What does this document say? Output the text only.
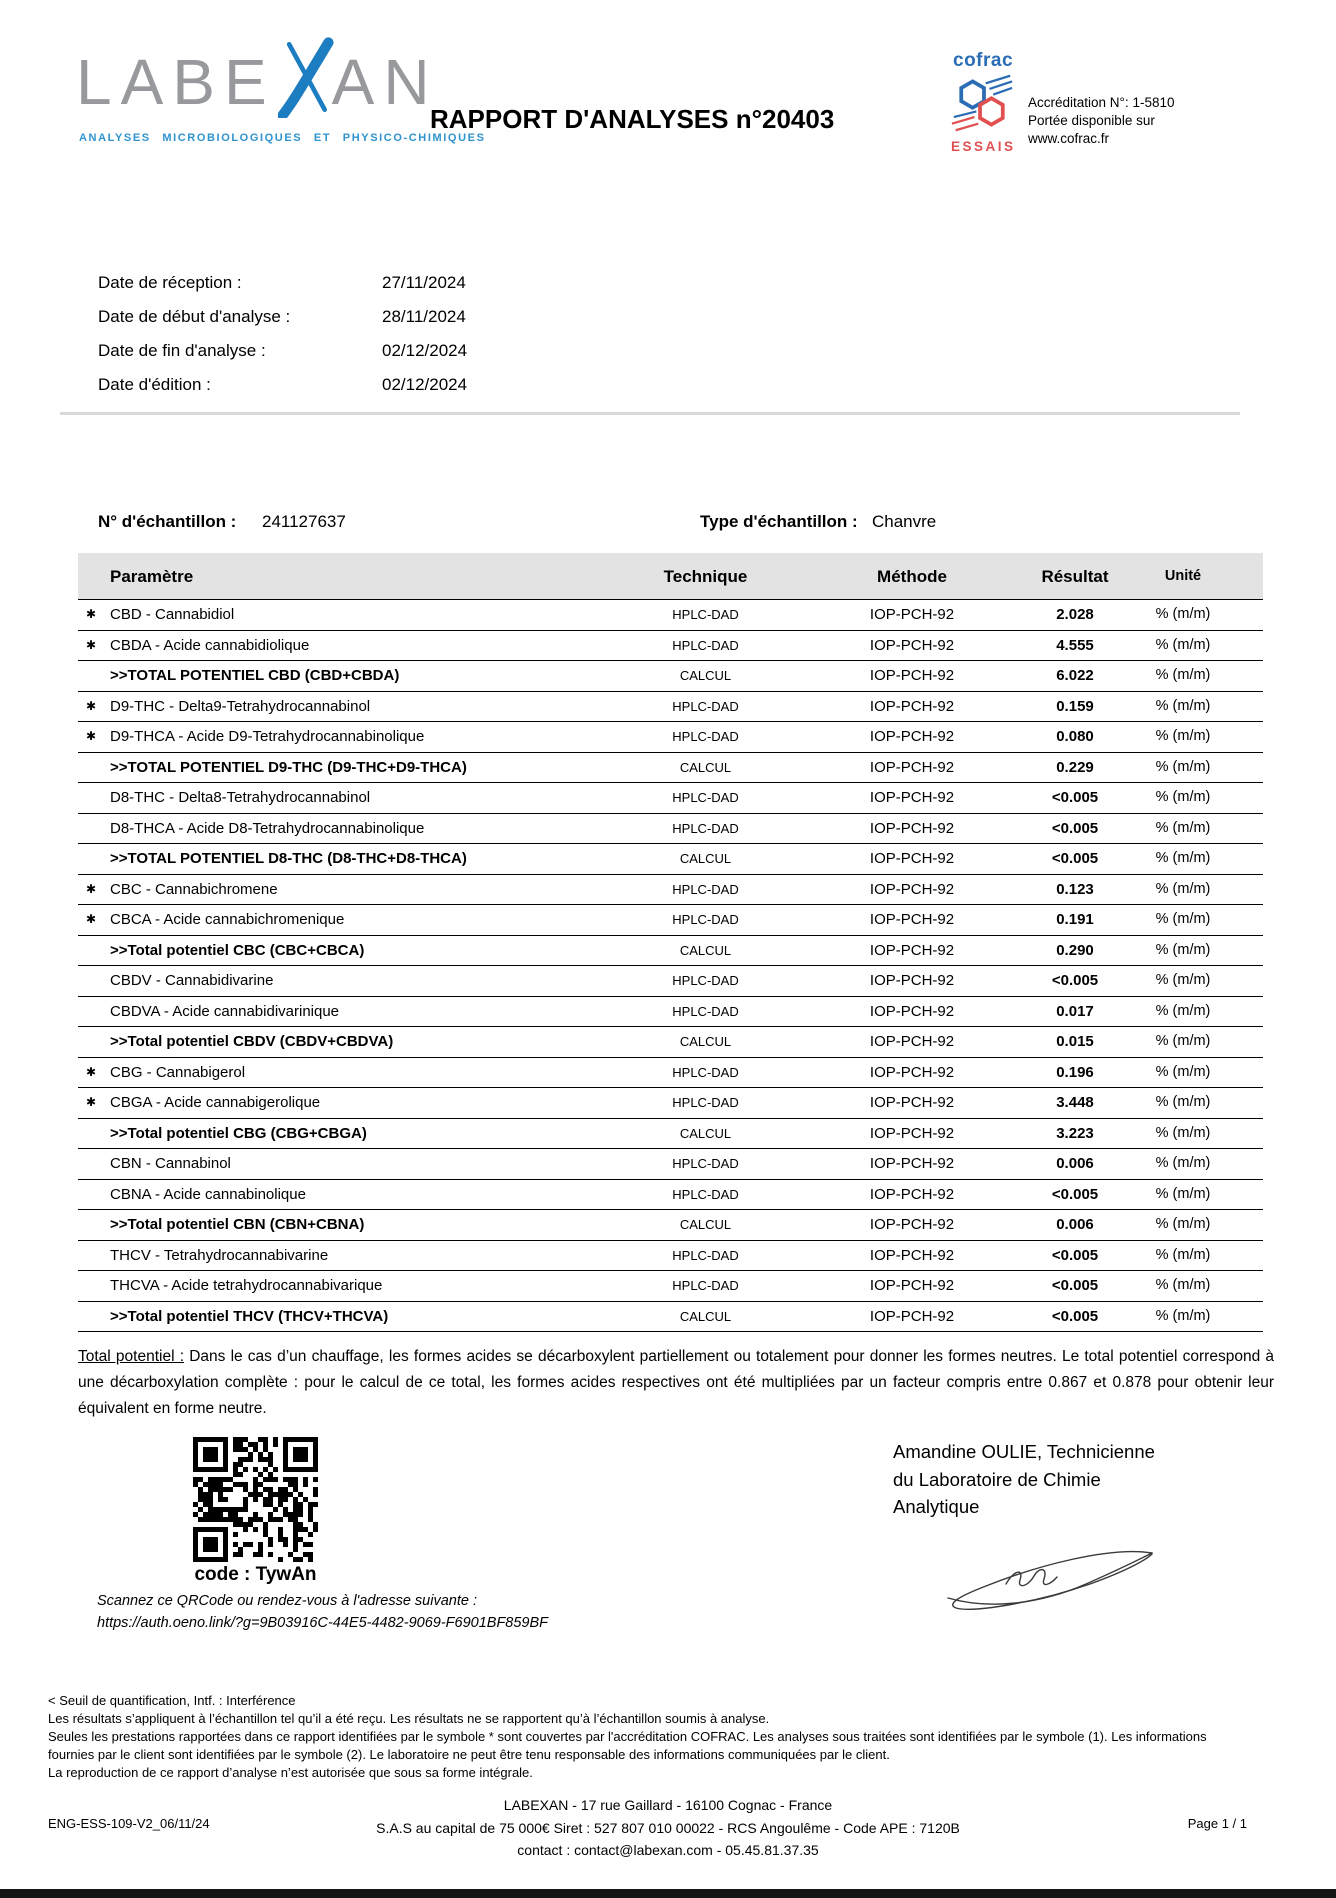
LABE AN
ANALYSES MICROBIOLOGIQUES ET PHYSICO-CHIMIQUES
RAPPORT D'ANALYSES n°20403
cofrac
ESSAIS
Accréditation N°: 1-5810
Portée disponible sur
www.cofrac.fr
Date de réception :	27/11/2024
Date de début d'analyse :	28/11/2024
Date de fin d'analyse :	02/12/2024
Date d'édition :	02/12/2024
N° d'échantillon : 241127637	Type d'échantillon : Chanvre
Paramètre	Technique	Méthode	Résultat	Unité
✱ CBD - Cannabidiol	HPLC-DAD	IOP-PCH-92	2.028	% (m/m)
✱ CBDA - Acide cannabidiolique	HPLC-DAD	IOP-PCH-92	4.555	% (m/m)
>>TOTAL POTENTIEL CBD (CBD+CBDA)	CALCUL	IOP-PCH-92	6.022	% (m/m)
✱ D9-THC - Delta9-Tetrahydrocannabinol	HPLC-DAD	IOP-PCH-92	0.159	% (m/m)
✱ D9-THCA - Acide D9-Tetrahydrocannabinolique	HPLC-DAD	IOP-PCH-92	0.080	% (m/m)
>>TOTAL POTENTIEL D9-THC (D9-THC+D9-THCA)	CALCUL	IOP-PCH-92	0.229	% (m/m)
D8-THC - Delta8-Tetrahydrocannabinol	HPLC-DAD	IOP-PCH-92	<0.005	% (m/m)
D8-THCA - Acide D8-Tetrahydrocannabinolique	HPLC-DAD	IOP-PCH-92	<0.005	% (m/m)
>>TOTAL POTENTIEL D8-THC (D8-THC+D8-THCA)	CALCUL	IOP-PCH-92	<0.005	% (m/m)
✱ CBC - Cannabichromene	HPLC-DAD	IOP-PCH-92	0.123	% (m/m)
✱ CBCA - Acide cannabichromenique	HPLC-DAD	IOP-PCH-92	0.191	% (m/m)
>>Total potentiel CBC (CBC+CBCA)	CALCUL	IOP-PCH-92	0.290	% (m/m)
CBDV - Cannabidivarine	HPLC-DAD	IOP-PCH-92	<0.005	% (m/m)
CBDVA - Acide cannabidivarinique	HPLC-DAD	IOP-PCH-92	0.017	% (m/m)
>>Total potentiel CBDV (CBDV+CBDVA)	CALCUL	IOP-PCH-92	0.015	% (m/m)
✱ CBG - Cannabigerol	HPLC-DAD	IOP-PCH-92	0.196	% (m/m)
✱ CBGA - Acide cannabigerolique	HPLC-DAD	IOP-PCH-92	3.448	% (m/m)
>>Total potentiel CBG (CBG+CBGA)	CALCUL	IOP-PCH-92	3.223	% (m/m)
CBN - Cannabinol	HPLC-DAD	IOP-PCH-92	0.006	% (m/m)
CBNA - Acide cannabinolique	HPLC-DAD	IOP-PCH-92	<0.005	% (m/m)
>>Total potentiel CBN (CBN+CBNA)	CALCUL	IOP-PCH-92	0.006	% (m/m)
THCV - Tetrahydrocannabivarine	HPLC-DAD	IOP-PCH-92	<0.005	% (m/m)
THCVA - Acide tetrahydrocannabivarique	HPLC-DAD	IOP-PCH-92	<0.005	% (m/m)
>>Total potentiel THCV (THCV+THCVA)	CALCUL	IOP-PCH-92	<0.005	% (m/m)
Total potentiel : Dans le cas d’un chauffage, les formes acides se décarboxylent partiellement ou totalement pour donner les formes neutres. Le total potentiel correspond à une décarboxylation complète : pour le calcul de ce total, les formes acides respectives ont été multipliées par un facteur compris entre 0.867 et 0.878 pour obtenir leur équivalent en forme neutre.
code : TywAn
Scannez ce QRCode ou rendez-vous à l'adresse suivante :
https://auth.oeno.link/?g=9B03916C-44E5-4482-9069-F6901BF859BF
Amandine OULIE, Technicienne
du Laboratoire de Chimie
Analytique
< Seuil de quantification, Intf. : Interférence
Les résultats s’appliquent à l’échantillon tel qu’il a été reçu. Les résultats ne se rapportent qu’à l’échantillon soumis à analyse.
Seules les prestations rapportées dans ce rapport identifiées par le symbole * sont couvertes par l'accréditation COFRAC. Les analyses sous traitées sont identifiées par le symbole (1). Les informations
fournies par le client sont identifiées par le symbole (2). Le laboratoire ne peut être tenu responsable des informations communiquées par le client.
La reproduction de ce rapport d’analyse n’est autorisée que sous sa forme intégrale.
ENG-ESS-109-V2_06/11/24
LABEXAN - 17 rue Gaillard - 16100 Cognac - France
S.A.S au capital de 75 000€ Siret : 527 807 010 00022 - RCS Angoulême - Code APE : 7120B
contact : contact@labexan.com - 05.45.81.37.35
Page 1 / 1
